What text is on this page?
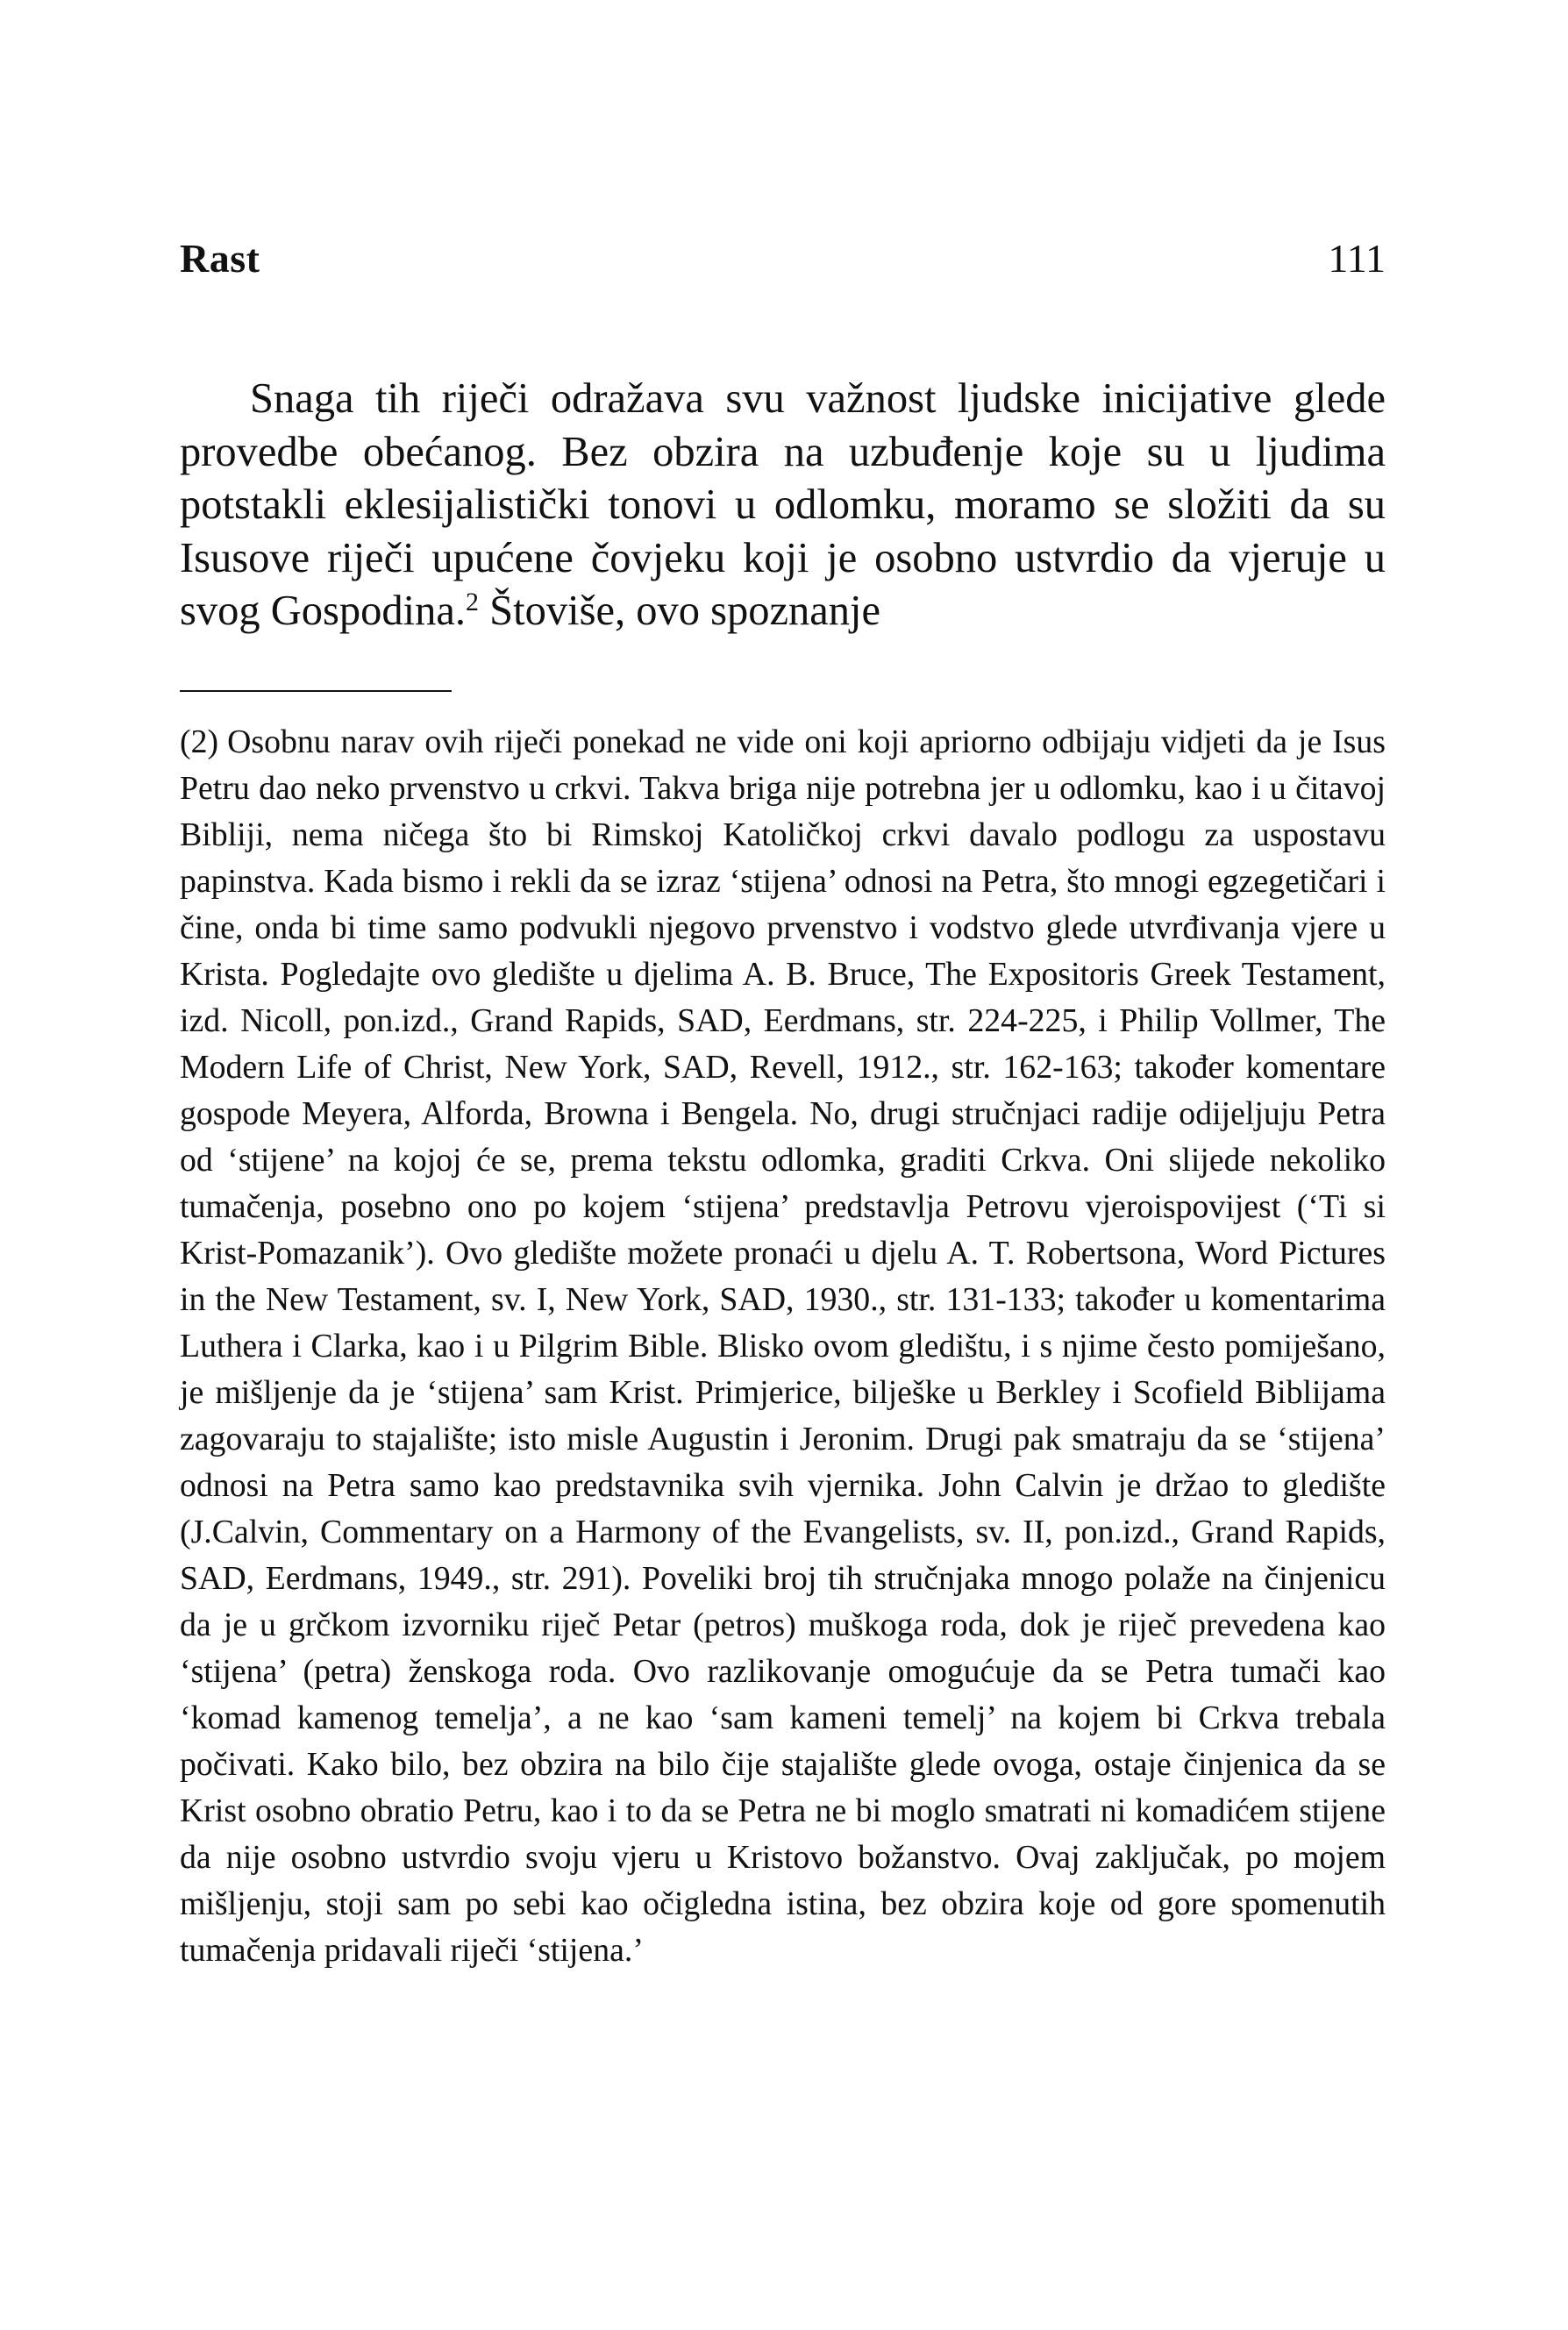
Rast	111

Snaga tih riječi odražava svu važnost ljudske inicijative glede provedbe obećanog. Bez obzira na uzbuđenje koje su u ljudima potstakli eklesijalistički tonovi u odlomku, moramo se složiti da su Isusove riječi upućene čovjeku koji je osobno ustvrdio da vjeruje u svog Gospodina.$^2$ Štoviše, ovo spoznanje

(2) Osobnu narav ovih riječi ponekad ne vide oni koji apriorno odbijaju vidjeti da je Isus Petru dao neko prvenstvo u crkvi. Takva briga nije potrebna jer u odlomku, kao i u čitavoj Bibliji, nema ničega što bi Rimskoj Katoličkoj crkvi davalo podlogu za uspostavu papinstva. Kada bismo i rekli da se izraz ‘stijena’ odnosi na Petra, što mnogi egzegetičari i čine, onda bi time samo podvukli njegovo prvenstvo i vodstvo glede utvrđivanja vjere u Krista. Pogledajte ovo gledište u djelima A. B. Bruce, The Expositoris Greek Testament, izd. Nicoll, pon.izd., Grand Rapids, SAD, Eerdmans, str. 224-225, i Philip Vollmer, The Modern Life of Christ, New York, SAD, Revell, 1912., str. 162-163; također komentare gospode Meyera, Alforda, Browna i Bengela. No, drugi stručnjaci radije odijeljuju Petra od ‘stijene’ na kojoj će se, prema tekstu odlomka, graditi Crkva. Oni slijede nekoliko tumačenja, posebno ono po kojem ‘stijena’ predstavlja Petrovu vjeroispovijest (‘Ti si Krist-Pomazanik’). Ovo gledište možete pronaći u djelu A. T. Robertsona, Word Pictures in the New Testament, sv. I, New York, SAD, 1930., str. 131-133; također u komentarima Luthera i Clarka, kao i u Pilgrim Bible. Blisko ovom gledištu, i s njime često pomiješano, je mišljenje da je ‘stijena’ sam Krist. Primjerice, bilješke u Berkley i Scofield Biblijama zagovaraju to stajalište; isto misle Augustin i Jeronim. Drugi pak smatraju da se ‘stijena’ odnosi na Petra samo kao predstavnika svih vjernika. John Calvin je držao to gledište (J.Calvin, Commentary on a Harmony of the Evangelists, sv. II, pon.izd., Grand Rapids, SAD, Eerdmans, 1949., str. 291). Poveliki broj tih stručnjaka mnogo polaže na činjenicu da je u grčkom izvorniku riječ Petar (petros) muškoga roda, dok je riječ prevedena kao ‘stijena’ (petra) ženskoga roda. Ovo razlikovanje omogućuje da se Petra tumači kao ‘komad kamenog temelja’, a ne kao ‘sam kameni temelj’ na kojem bi Crkva trebala počivati. Kako bilo, bez obzira na bilo čije stajalište glede ovoga, ostaje činjenica da se Krist osobno obratio Petru, kao i to da se Petra ne bi moglo smatrati ni komadićem stijene da nije osobno ustvrdio svoju vjeru u Kristovo božanstvo. Ovaj zaključak, po mojem mišljenju, stoji sam po sebi kao očigledna istina, bez obzira koje od gore spomenutih tumačenja pridavali riječi ‘stijena.’
